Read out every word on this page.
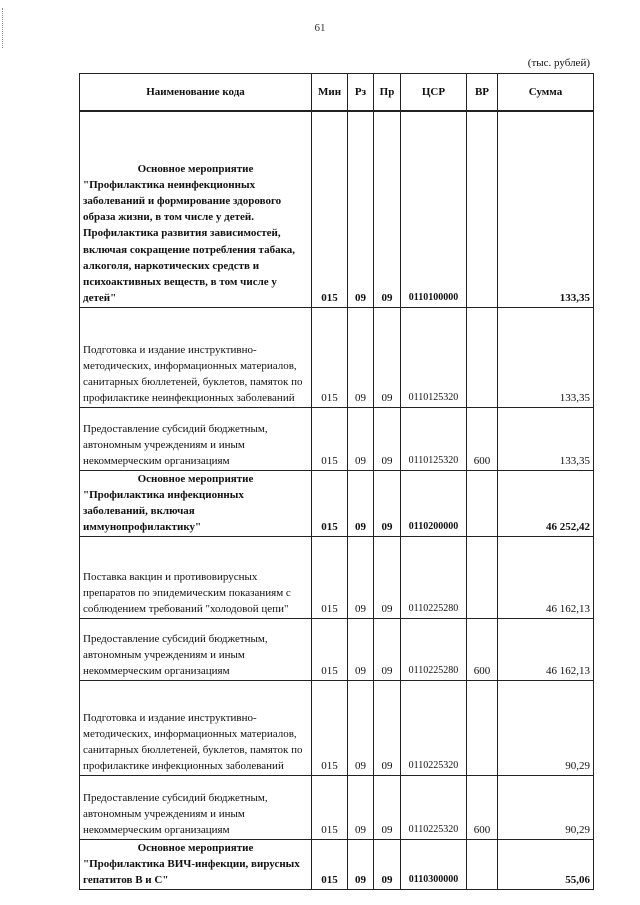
61
(тыс. рублей)
Наименование кода	Мин	Рз	Пр	ЦСР	ВР	Сумма

Основное мероприятие
"Профилактика неинфекционных заболеваний и формирование здорового образа жизни, в том числе у детей. Профилактика развития зависимостей, включая сокращение потребления табака, алкоголя, наркотических средств и психоактивных веществ, в том числе у детей"	015	09	09	0110100000		133,35
Подготовка и издание инструктивно-методических, информационных материалов, санитарных бюллетеней, буклетов, памяток по профилактике неинфекционных заболеваний	015	09	09	0110125320		133,35
Предоставление субсидий бюджетным, автономным учреждениям и иным некоммерческим организациям	015	09	09	0110125320	600	133,35

Основное мероприятие
"Профилактика инфекционных заболеваний, включая иммунопрофилактику"	015	09	09	0110200000		46 252,42
Поставка вакцин и противовирусных препаратов по эпидемическим показаниям с соблюдением требований "холодовой цепи"	015	09	09	0110225280		46 162,13
Предоставление субсидий бюджетным, автономным учреждениям и иным некоммерческим организациям	015	09	09	0110225280	600	46 162,13
Подготовка и издание инструктивно-методических, информационных материалов, санитарных бюллетеней, буклетов, памяток по профилактике инфекционных заболеваний	015	09	09	0110225320		90,29
Предоставление субсидий бюджетным, автономным учреждениям и иным некоммерческим организациям	015	09	09	0110225320	600	90,29

Основное мероприятие
"Профилактика ВИЧ-инфекции, вирусных гепатитов В и С"	015	09	09	0110300000		55,06
